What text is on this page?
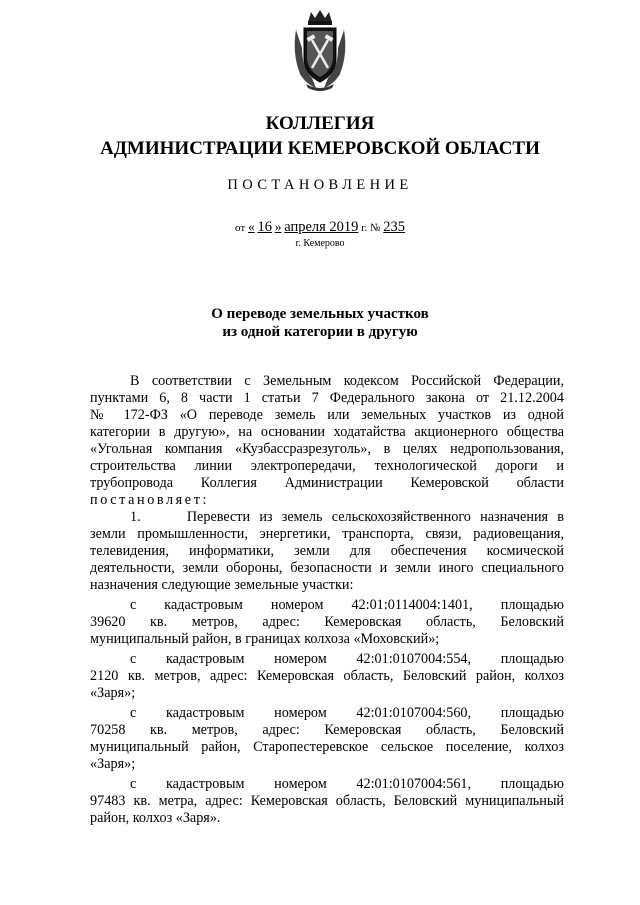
КОЛЛЕГИЯ
АДМИНИСТРАЦИИ КЕМЕРОВСКОЙ ОБЛАСТИ
ПОСТАНОВЛЕНИЕ
от « 16 » апреля 2019 г. № 235
г. Кемерово
О переводе земельных участков
из одной категории в другую
В соответствии с Земельным кодексом Российской Федерации,
пунктами 6, 8 части 1 статьи 7 Федерального закона от 21.12.2004
№ 172-ФЗ «О переводе земель или земельных участков из одной
категории в другую», на основании ходатайства акционерного общества
«Угольная компания «Кузбассразрезуголь», в целях недропользования,
строительства линии электропередачи, технологической дороги и
трубопровода Коллегия Администрации Кемеровской области
постановляет:
1.     Перевести из земель сельскохозяйственного назначения в
земли промышленности, энергетики, транспорта, связи, радиовещания,
телевидения, информатики, земли для обеспечения космической
деятельности, земли обороны, безопасности и земли иного специального
назначения следующие земельные участки:
с кадастровым номером 42:01:0114004:1401, площадью
39620 кв. метров, адрес: Кемеровская область, Беловский
муниципальный район, в границах колхоза «Моховский»;
с кадастровым номером 42:01:0107004:554, площадью
2120 кв. метров, адрес: Кемеровская область, Беловский район, колхоз
«Заря»;
с кадастровым номером 42:01:0107004:560, площадью
70258 кв. метров, адрес: Кемеровская область, Беловский
муниципальный район, Старопестеревское сельское поселение, колхоз
«Заря»;
с кадастровым номером 42:01:0107004:561, площадью
97483 кв. метра, адрес: Кемеровская область, Беловский муниципальный
район, колхоз «Заря».
